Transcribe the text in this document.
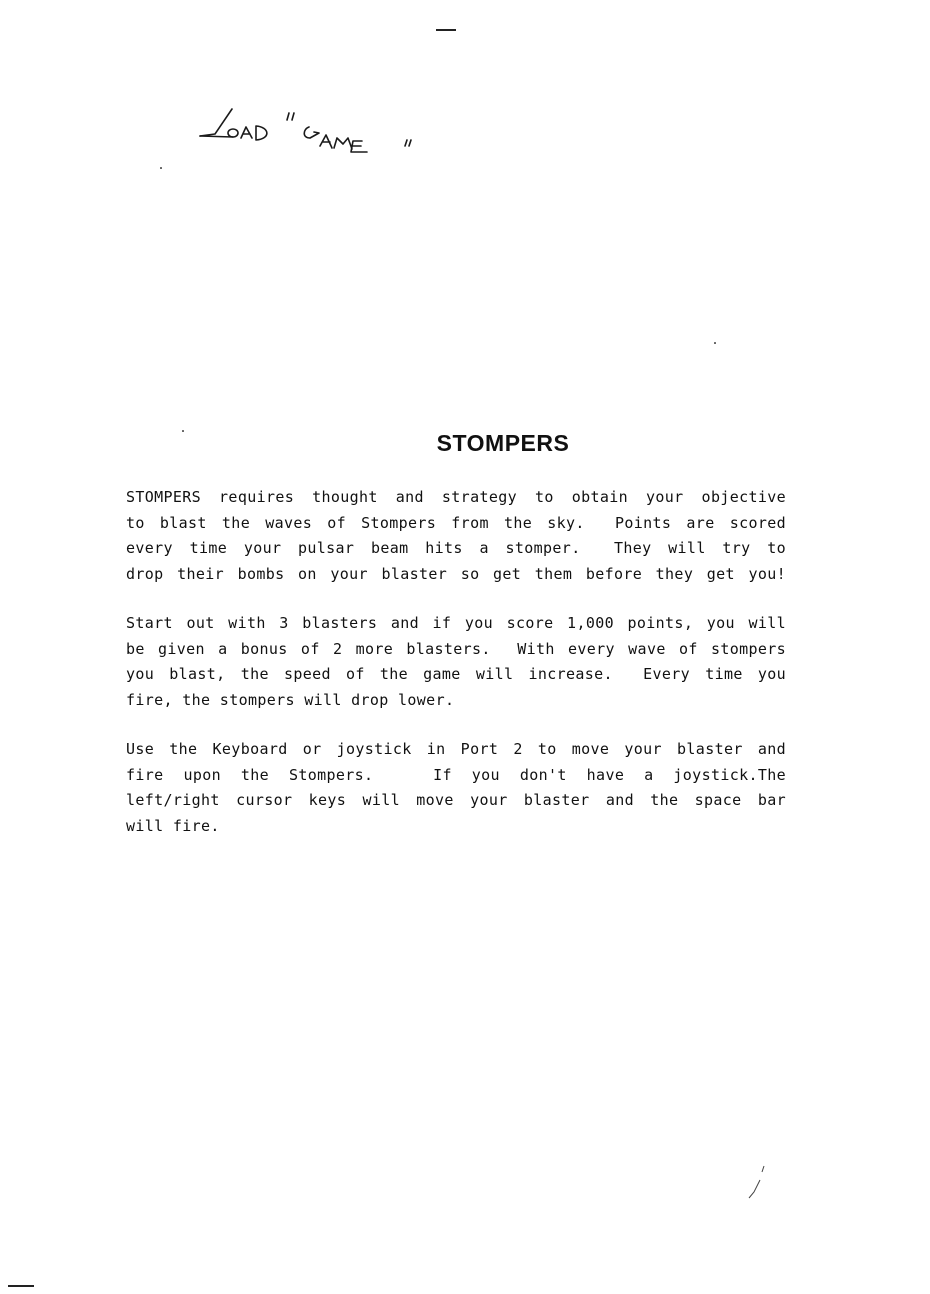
STOMPERS
STOMPERS requires thought and strategy to obtain your objective
to blast the waves of Stompers from the sky.  Points are scored
every time your pulsar beam hits a stomper.  They will try to
drop their bombs on your blaster so get them before they get you!
Start out with 3 blasters and if you score 1,000 points, you will
be given a bonus of 2 more blasters.  With every wave of stompers
you blast, the speed of the game will increase.  Every time you
fire, the stompers will drop lower.
Use the Keyboard or joystick in Port 2 to move your blaster and
fire upon the Stompers.   If you don't have a joystick.The
left/right cursor keys will move your blaster and the space bar
will fire.
